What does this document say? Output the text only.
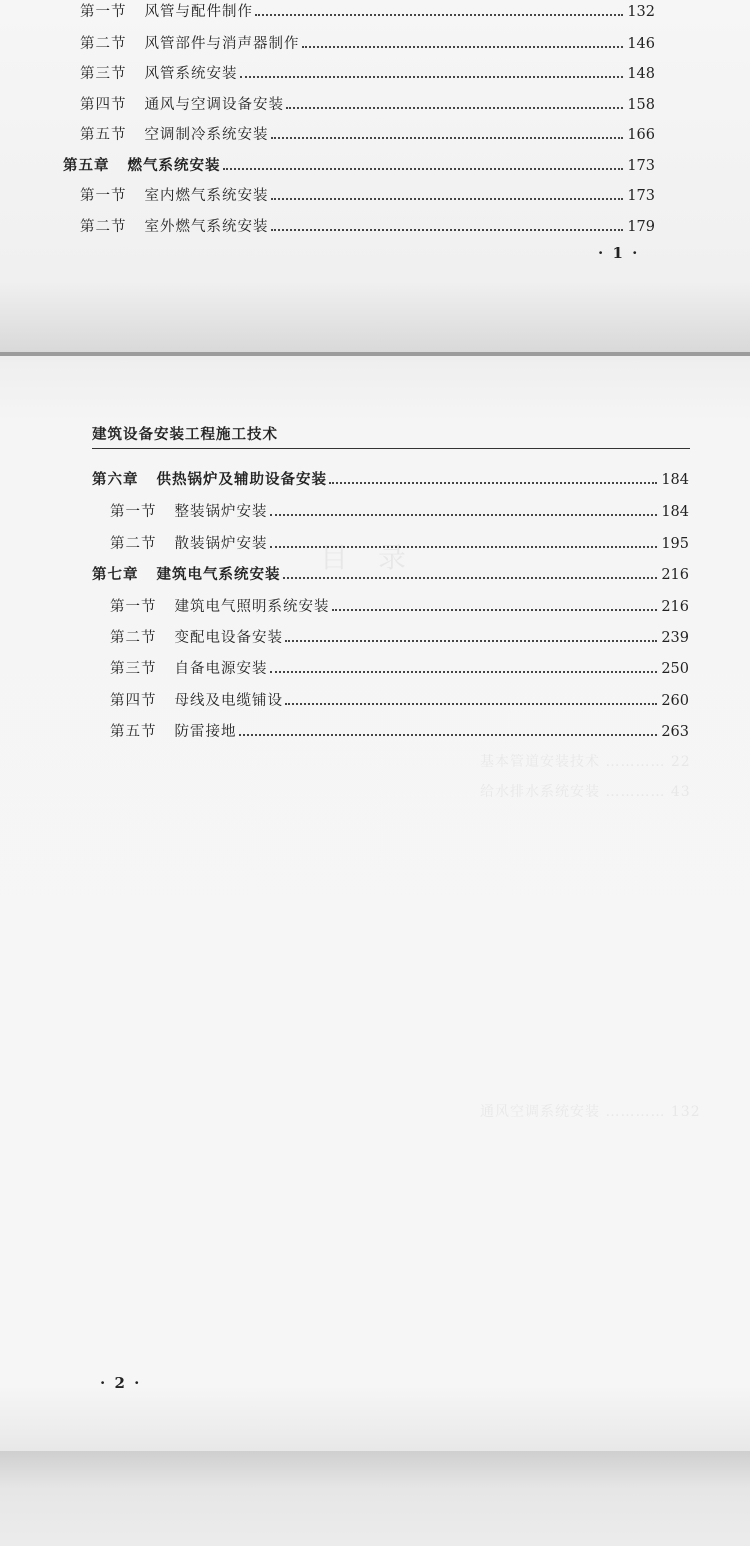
第一节 风管与配件制作	132
第二节 风管部件与消声器制作	146
第三节 风管系统安装	148
第四节 通风与空调设备安装	158
第五节 空调制冷系统安装	166
第五章 燃气系统安装	173
第一节 室内燃气系统安装	173
第二节 室外燃气系统安装	179
· 1 ·
目　录
基本管道安装技术 ………… 22
给水排水系统安装 ………… 43
通风空调系统安装 ………… 132
建筑设备安装工程施工技术
第六章 供热锅炉及辅助设备安装	184
第一节 整装锅炉安装	184
第二节 散装锅炉安装	195
第七章 建筑电气系统安装	216
第一节 建筑电气照明系统安装	216
第二节 变配电设备安装	239
第三节 自备电源安装	250
第四节 母线及电缆铺设	260
第五节 防雷接地	263
· 2 ·
